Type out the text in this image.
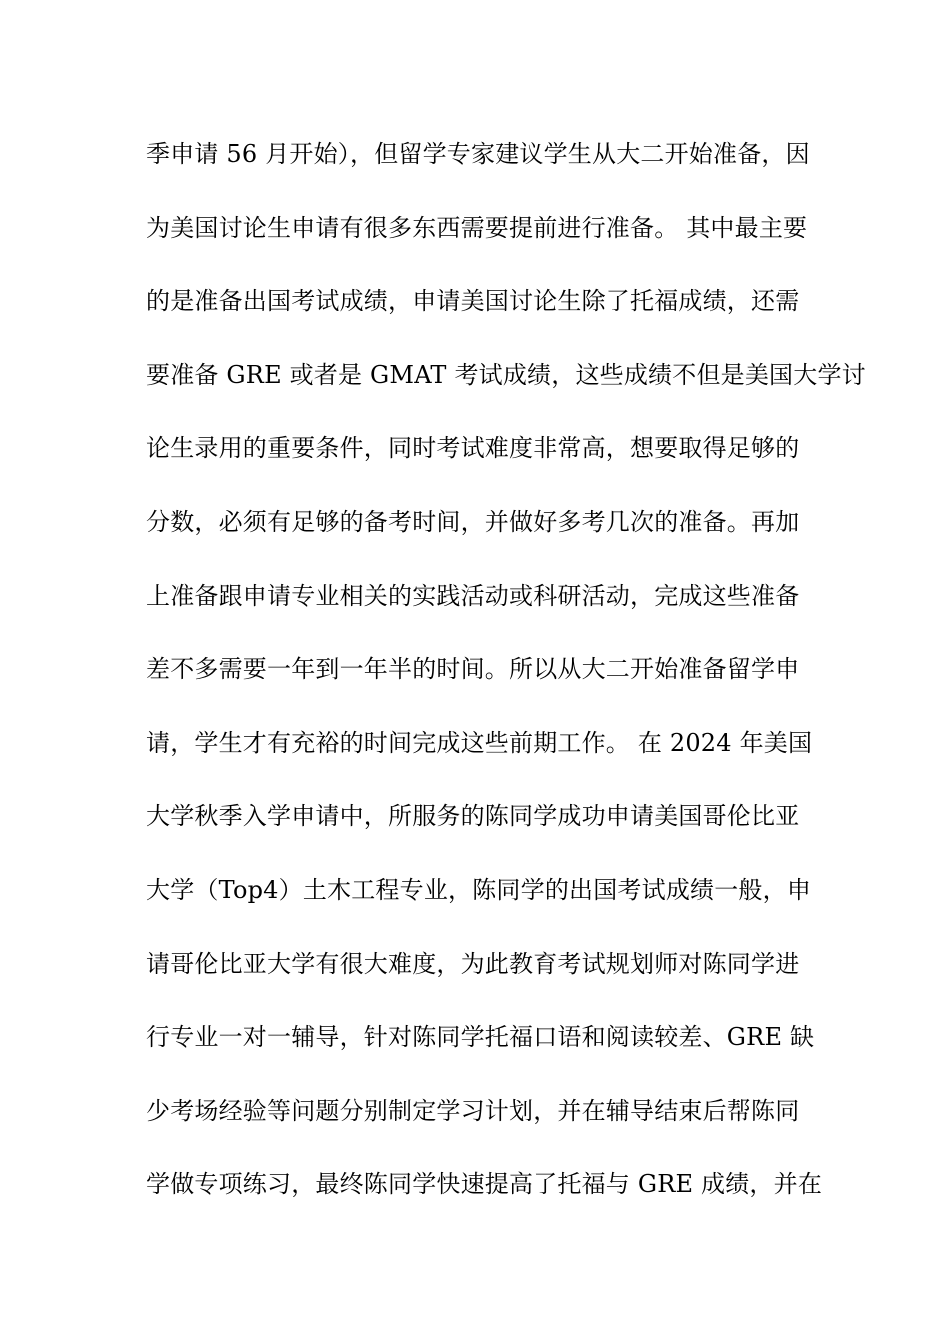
季申请 56 月开始），但留学专家建议学生从大二开始准备，因
为美国讨论生申请有很多东西需要提前进行准备。 其中最主要
的是准备出国考试成绩，申请美国讨论生除了托福成绩，还需
要准备 GRE 或者是 GMAT 考试成绩，这些成绩不但是美国大学讨
论生录用的重要条件，同时考试难度非常高，想要取得足够的
分数，必须有足够的备考时间，并做好多考几次的准备。再加
上准备跟申请专业相关的实践活动或科研活动，完成这些准备
差不多需要一年到一年半的时间。所以从大二开始准备留学申
请，学生才有充裕的时间完成这些前期工作。 在 2024 年美国
大学秋季入学申请中，所服务的陈同学成功申请美国哥伦比亚
大学（Top4）土木工程专业，陈同学的出国考试成绩一般，申
请哥伦比亚大学有很大难度，为此教育考试规划师对陈同学进
行专业一对一辅导，针对陈同学托福口语和阅读较差、GRE 缺
少考场经验等问题分别制定学习计划，并在辅导结束后帮陈同
学做专项练习，最终陈同学快速提高了托福与 GRE 成绩，并在
